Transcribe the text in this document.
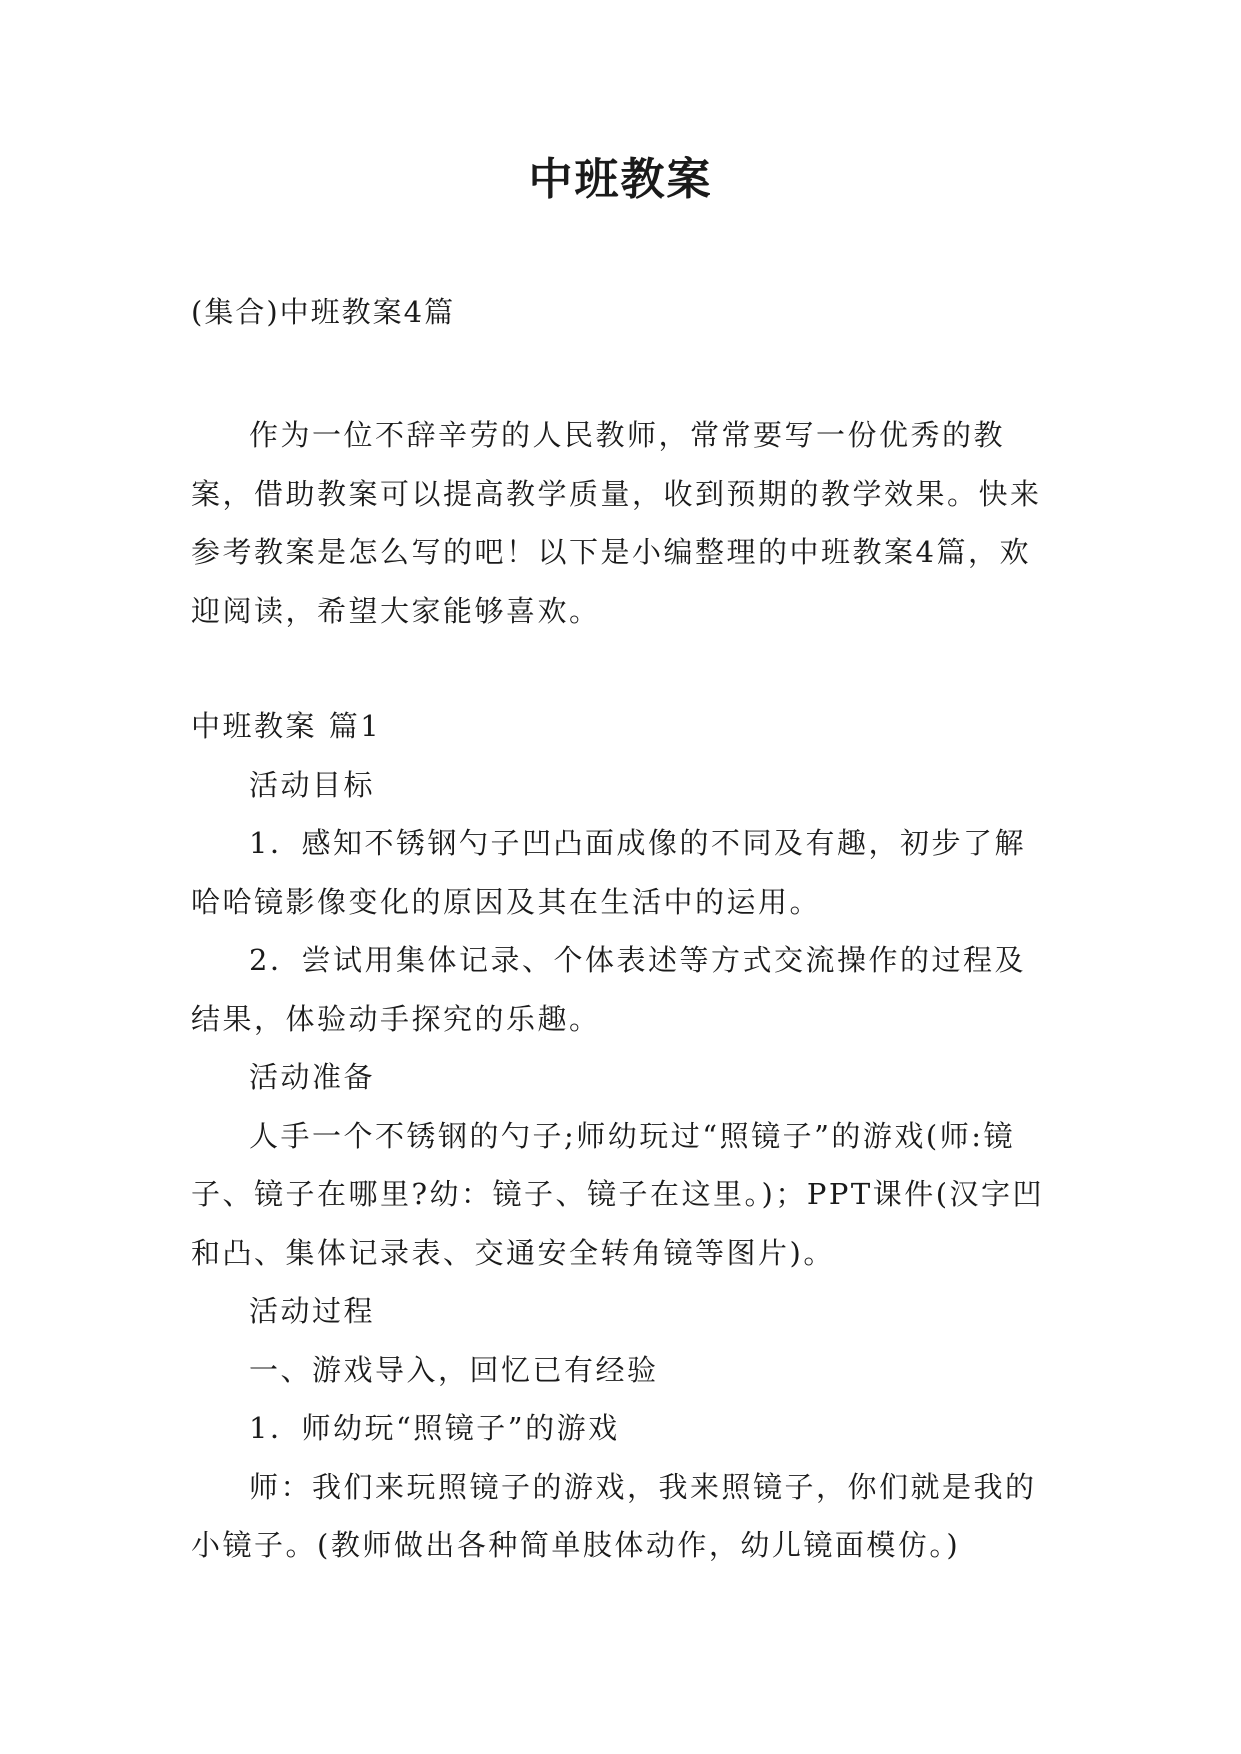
中班教案
(集合)中班教案4篇

作为一位不辞辛劳的人民教师，常常要写一份优秀的教案，借助教案可以提高教学质量，收到预期的教学效果。快来参考教案是怎么写的吧！以下是小编整理的中班教案4篇，欢迎阅读，希望大家能够喜欢。

中班教案 篇1

活动目标

1．感知不锈钢勺子凹凸面成像的不同及有趣，初步了解哈哈镜影像变化的原因及其在生活中的运用。

2．尝试用集体记录、个体表述等方式交流操作的过程及结果，体验动手探究的乐趣。

活动准备

人手一个不锈钢的勺子;师幼玩过“照镜子”的游戏(师:镜子、镜子在哪里?幼：镜子、镜子在这里。)；PPT课件(汉字凹和凸、集体记录表、交通安全转角镜等图片)。

活动过程

一、游戏导入，回忆已有经验

1．师幼玩“照镜子”的游戏

师：我们来玩照镜子的游戏，我来照镜子，你们就是我的小镜子。(教师做出各种简单肢体动作，幼儿镜面模仿。)
